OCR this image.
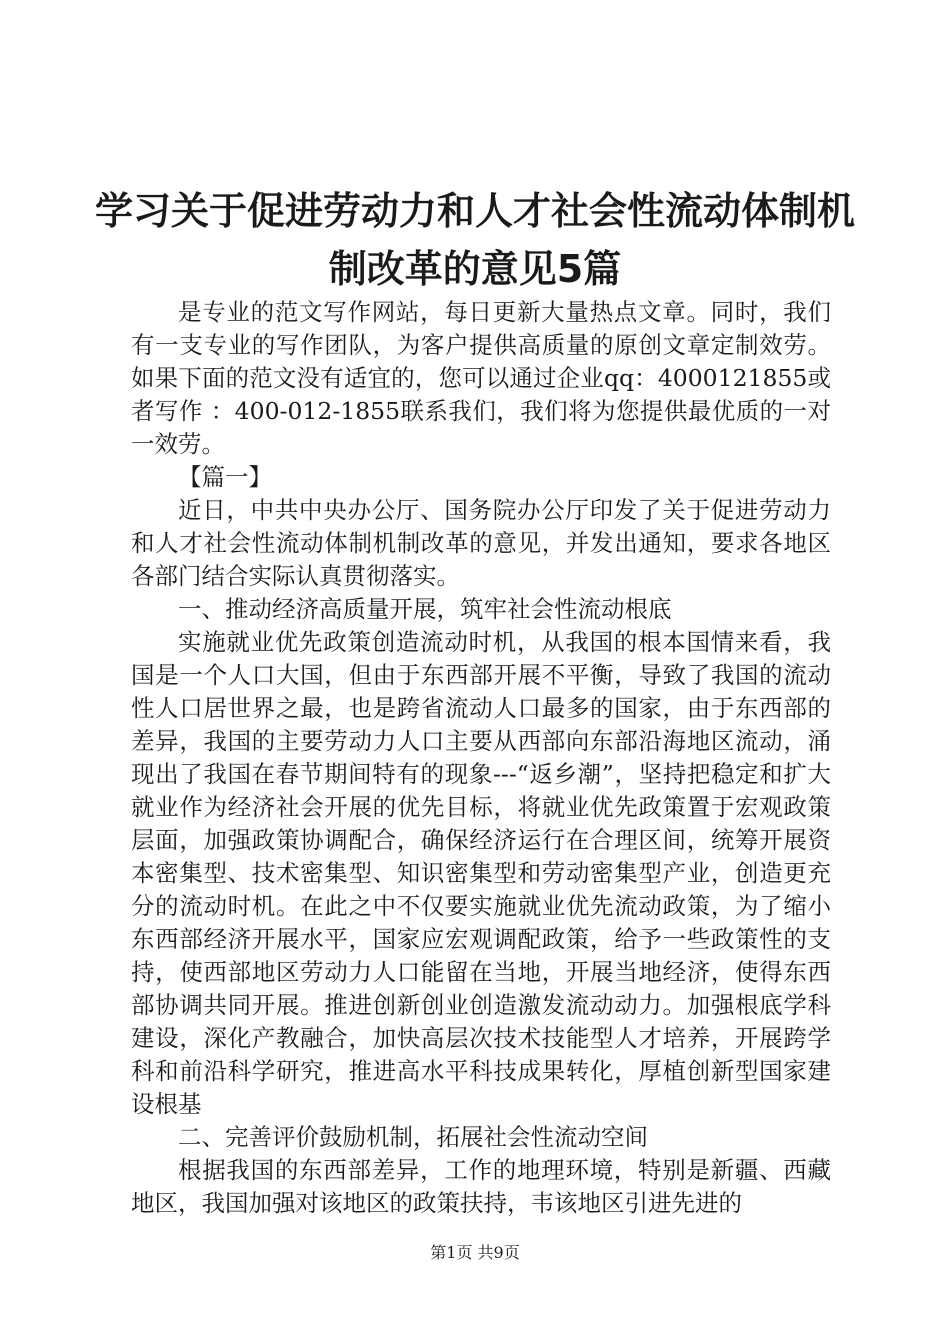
学习关于促进劳动力和人才社会性流动体制机
制改革的意见5篇

是专业的范文写作网站，每日更新大量热点文章。同时，我们有一支专业的写作团队，为客户提供高质量的原创文章定制效劳。如果下面的范文没有适宜的，您可以通过企业qq：4000121855或者写作 ：400-012-1855联系我们，我们将为您提供最优质的一对一效劳。

【篇一】

近日，中共中央办公厅、国务院办公厅印发了关于促进劳动力和人才社会性流动体制机制改革的意见，并发出通知，要求各地区各部门结合实际认真贯彻落实。

一、推动经济高质量开展，筑牢社会性流动根底

实施就业优先政策创造流动时机，从我国的根本国情来看，我国是一个人口大国，但由于东西部开展不平衡，导致了我国的流动性人口居世界之最，也是跨省流动人口最多的国家，由于东西部的差异，我国的主要劳动力人口主要从西部向东部沿海地区流动，涌现出了我国在春节期间特有的现象---“返乡潮”，坚持把稳定和扩大就业作为经济社会开展的优先目标，将就业优先政策置于宏观政策层面，加强政策协调配合，确保经济运行在合理区间，统筹开展资本密集型、技术密集型、知识密集型和劳动密集型产业，创造更充分的流动时机。在此之中不仅要实施就业优先流动政策，为了缩小东西部经济开展水平，国家应宏观调配政策，给予一些政策性的支持，使西部地区劳动力人口能留在当地，开展当地经济，使得东西部协调共同开展。推进创新创业创造激发流动动力。加强根底学科建设，深化产教融合，加快高层次技术技能型人才培养，开展跨学科和前沿科学研究，推进高水平科技成果转化，厚植创新型国家建设根基

二、完善评价鼓励机制，拓展社会性流动空间

根据我国的东西部差异，工作的地理环境，特别是新疆、西藏地区，我国加强对该地区的政策扶持，韦该地区引进先进的

第1页 共9页
